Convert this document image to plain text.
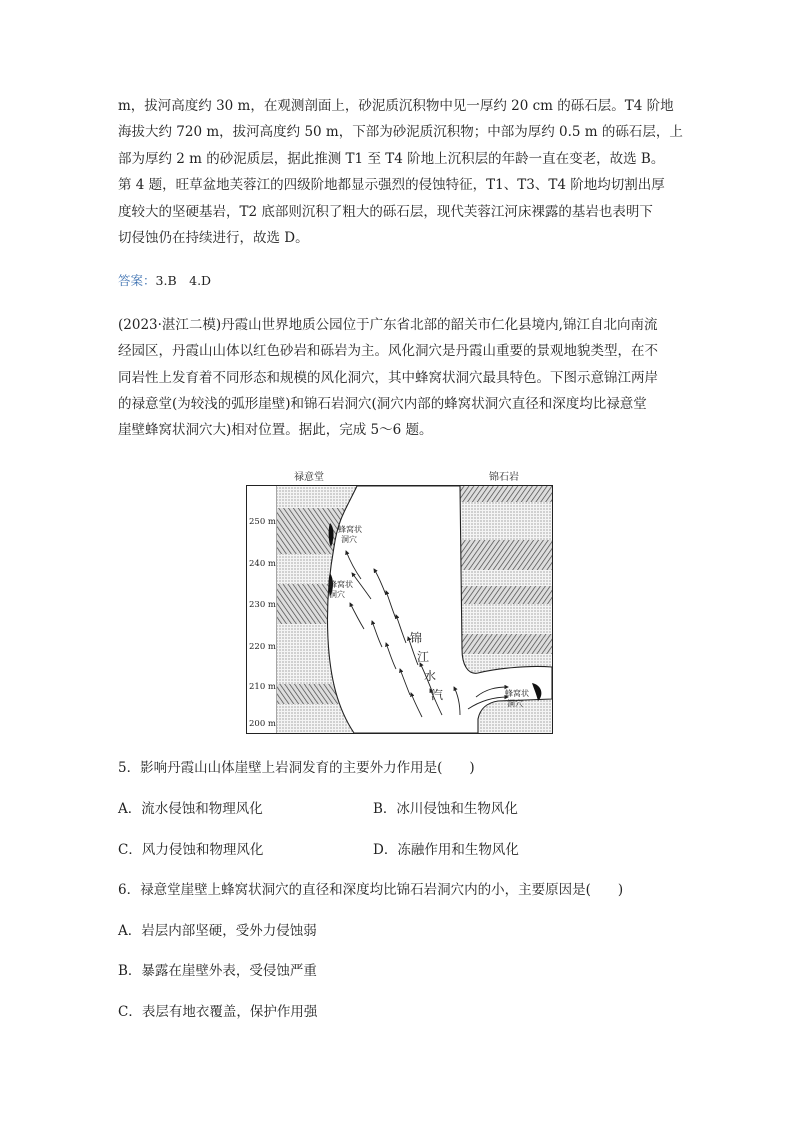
m，拔河高度约 30 m，在观测剖面上，砂泥质沉积物中见一厚约 20 cm 的砾石层。T4 阶地
海拔大约 720 m，拔河高度约 50 m，下部为砂泥质沉积物；中部为厚约 0.5 m 的砾石层，上
部为厚约 2 m 的砂泥质层，据此推测 T1 至 T4 阶地上沉积层的年龄一直在变老，故选 B。
第 4 题，旺草盆地芙蓉江的四级阶地都显示强烈的侵蚀特征，T1、T3、T4 阶地均切割出厚
度较大的坚硬基岩，T2 底部则沉积了粗大的砾石层，现代芙蓉江河床裸露的基岩也表明下
切侵蚀仍在持续进行，故选 D。
答案：3.B　4.D
(2023·湛江二模)丹霞山世界地质公园位于广东省北部的韶关市仁化县境内,锦江自北向南流
经园区，丹霞山山体以红色砂岩和砾岩为主。风化洞穴是丹霞山重要的景观地貌类型，在不
同岩性上发育着不同形态和规模的风化洞穴，其中蜂窝状洞穴最具特色。下图示意锦江两岸
的禄意堂(为较浅的弧形崖壁)和锦石岩洞穴(洞穴内部的蜂窝状洞穴直径和深度均比禄意堂
崖壁蜂窝状洞穴大)相对位置。据此，完成 5～6 题。
禄意堂	锦石岩
250 m
240 m
230 m
220 m
210 m
200 m
蜂窝状
洞穴
蜂窝状
洞穴
蜂窝状
洞穴
锦
江
水
汽
5．影响丹霞山山体崖壁上岩洞发育的主要外力作用是(　　)
A．流水侵蚀和物理风化	B．冰川侵蚀和生物风化
C．风力侵蚀和物理风化	D．冻融作用和生物风化
6．禄意堂崖壁上蜂窝状洞穴的直径和深度均比锦石岩洞穴内的小，主要原因是(　　)
A．岩层内部坚硬，受外力侵蚀弱
B．暴露在崖壁外表，受侵蚀严重
C．表层有地衣覆盖，保护作用强
